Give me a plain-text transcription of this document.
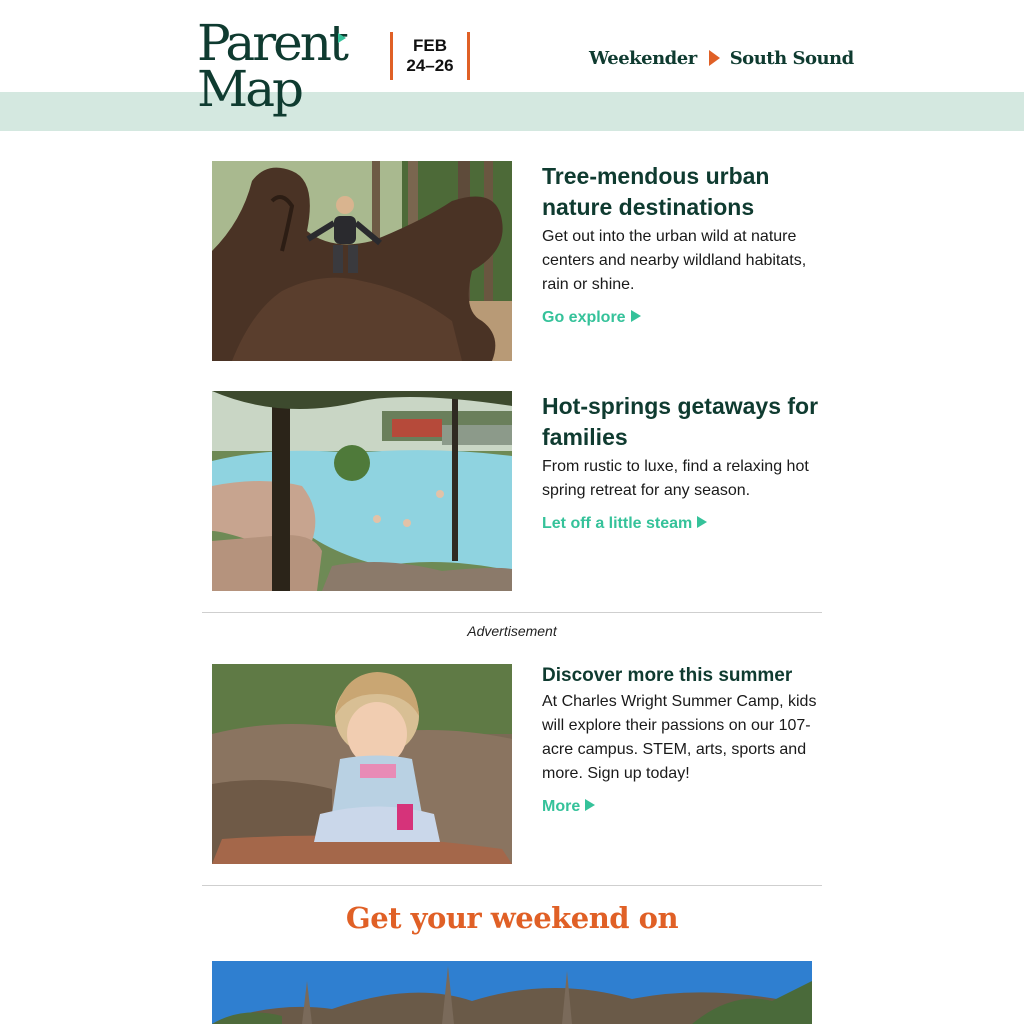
Parent
Map
FEB
24–26	Weekender South Sound
Tree-mendous urban nature destinations

Get out into the urban wild at nature centers and nearby wildland habitats, rain or shine.

Go explore
Hot-springs getaways for families

From rustic to luxe, find a relaxing hot spring retreat for any season.

Let off a little steam
Advertisement
Discover more this summer

At Charles Wright Summer Camp, kids will explore their passions on our 107-acre campus. STEM, arts, sports and more. Sign up today!

More
Get your weekend on
